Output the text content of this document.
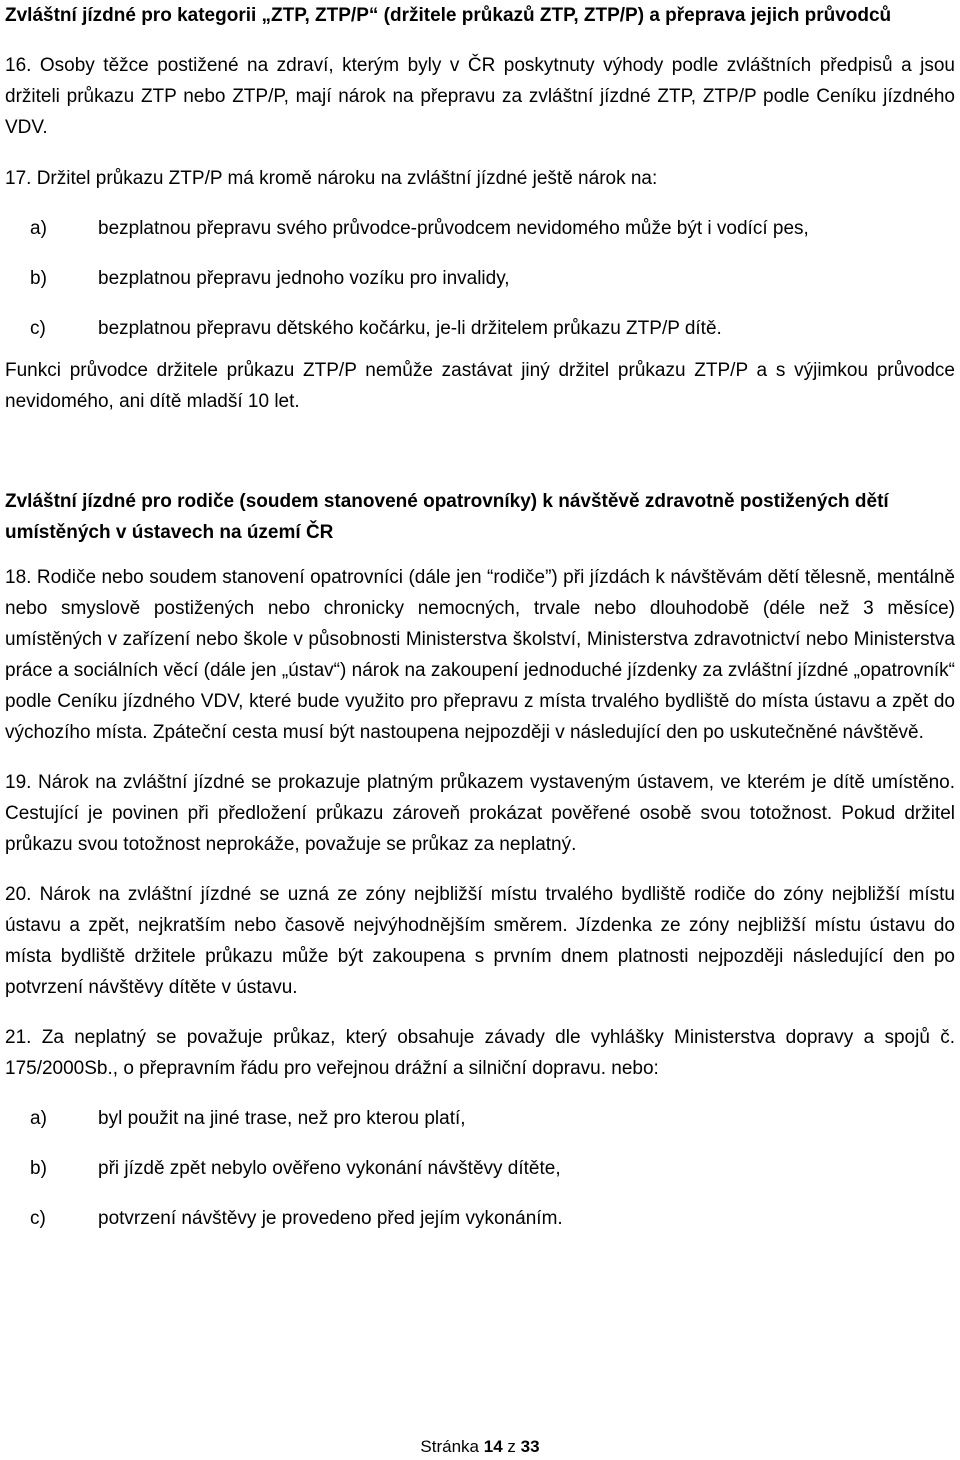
Zvláštní jízdné pro kategorii „ZTP, ZTP/P“ (držitele průkazů ZTP, ZTP/P) a přeprava jejich průvodců

16. Osoby těžce postižené na zdraví, kterým byly v ČR poskytnuty výhody podle zvláštních předpisů a jsou držiteli průkazu ZTP nebo ZTP/P, mají nárok na přepravu za zvláštní jízdné ZTP, ZTP/P podle Ceníku jízdného VDV.

17. Držitel průkazu ZTP/P má kromě nároku na zvláštní jízdné ještě nárok na:

a)	bezplatnou přepravu svého průvodce-průvodcem nevidomého může být i vodící pes,
b)	bezplatnou přepravu jednoho vozíku pro invalidy,
c)	bezplatnou přepravu dětského kočárku, je-li držitelem průkazu ZTP/P dítě.

Funkci průvodce držitele průkazu ZTP/P nemůže zastávat jiný držitel průkazu ZTP/P a s výjimkou průvodce nevidomého, ani dítě mladší 10 let.

Zvláštní jízdné pro rodiče (soudem stanovené opatrovníky) k návštěvě zdravotně postižených dětí umístěných v ústavech na území ČR

18. Rodiče nebo soudem stanovení opatrovníci (dále jen “rodiče”) při jízdách k návštěvám dětí tělesně, mentálně nebo smyslově postižených nebo chronicky nemocných, trvale nebo dlouhodobě (déle než 3 měsíce) umístěných v zařízení nebo škole v působnosti Ministerstva školství, Ministerstva zdravotnictví nebo Ministerstva práce a sociálních věcí (dále jen „ústav“) nárok na zakoupení jednoduché jízdenky za zvláštní jízdné „opatrovník“ podle Ceníku jízdného VDV, které bude využito pro přepravu z místa trvalého bydliště do místa ústavu a zpět do výchozího místa. Zpáteční cesta musí být nastoupena nejpozději v následující den po uskutečněné návštěvě.

19. Nárok na zvláštní jízdné se prokazuje platným průkazem vystaveným ústavem, ve kterém je dítě umístěno. Cestující je povinen při předložení průkazu zároveň prokázat pověřené osobě svou totožnost. Pokud držitel průkazu svou totožnost neprokáže, považuje se průkaz za neplatný.

20. Nárok na zvláštní jízdné se uzná ze zóny nejbližší místu trvalého bydliště rodiče do zóny nejbližší místu ústavu a zpět, nejkratším nebo časově nejvýhodnějším směrem. Jízdenka ze zóny nejbližší místu ústavu do místa bydliště držitele průkazu může být zakoupena s prvním dnem platnosti nejpozději následující den po potvrzení návštěvy dítěte v ústavu.

21. Za neplatný se považuje průkaz, který obsahuje závady dle vyhlášky Ministerstva dopravy a spojů č. 175/2000Sb., o přepravním řádu pro veřejnou drážní a silniční dopravu. nebo:

a)	byl použit na jiné trase, než pro kterou platí,
b)	při jízdě zpět nebylo ověřeno vykonání návštěvy dítěte,
c)	potvrzení návštěvy je provedeno před jejím vykonáním.
Stránka 14 z 33
